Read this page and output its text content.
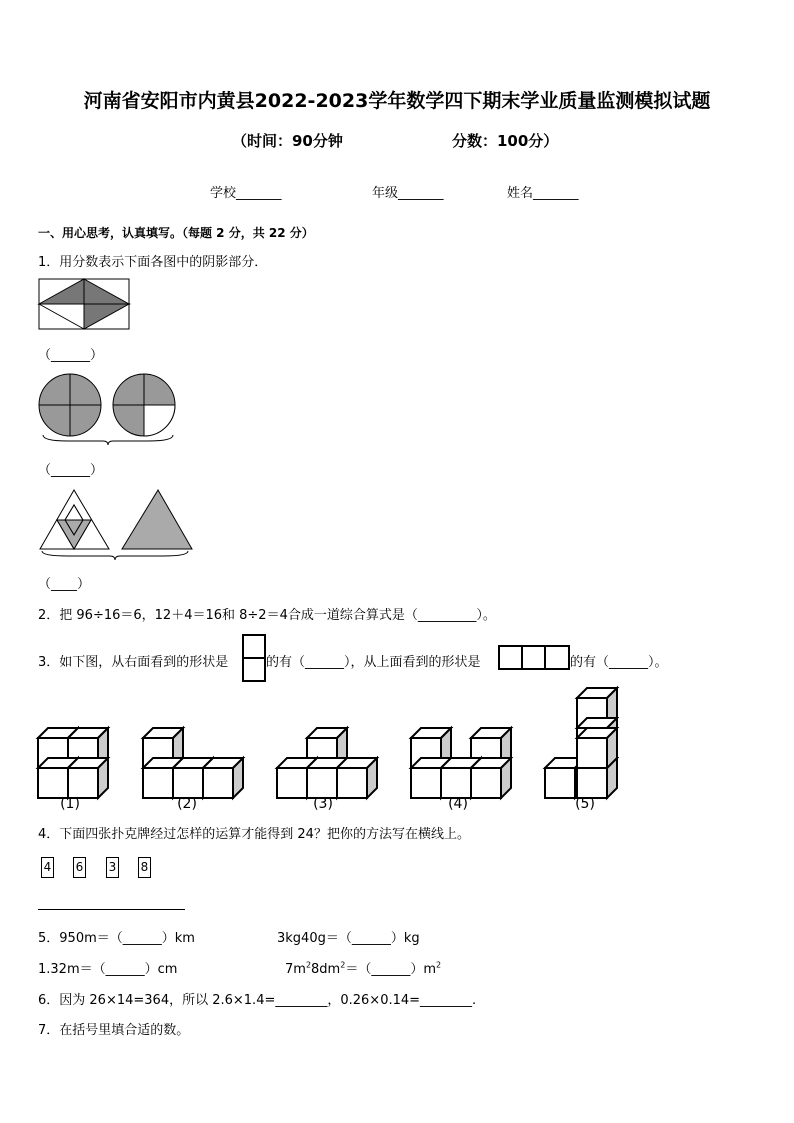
河南省安阳市内黄县2022-2023学年数学四下期末学业质量监测模拟试题
（时间：90分钟	分数：100分）
学校_______	年级_______	姓名_______
一、用心思考，认真填写。（每题 2 分，共 22 分）
1．用分数表示下面各图中的阴影部分．
（______）
（______）
（____）
2．把 96÷16＝6，12＋4＝16和 8÷2＝4合成一道综合算式是（_________）。
3．如下图，从右面看到的形状是	的有（______），从上面看到的形状是	的有（______）。
(1)	(2)	(3)	(4)	(5)
4．下面四张扑克牌经过怎样的运算才能得到 24？把你的方法写在横线上。
4 6 3 8
5．950m＝（______）km	3kg40g＝（______）kg
1.32m＝（______）cm	$7m^28dm^2=(\_\_\_\_\_\_)m^2$
6．因为 26×14=364，所以 2.6×1.4=________，0.26×0.14=________.
7．在括号里填合适的数。
